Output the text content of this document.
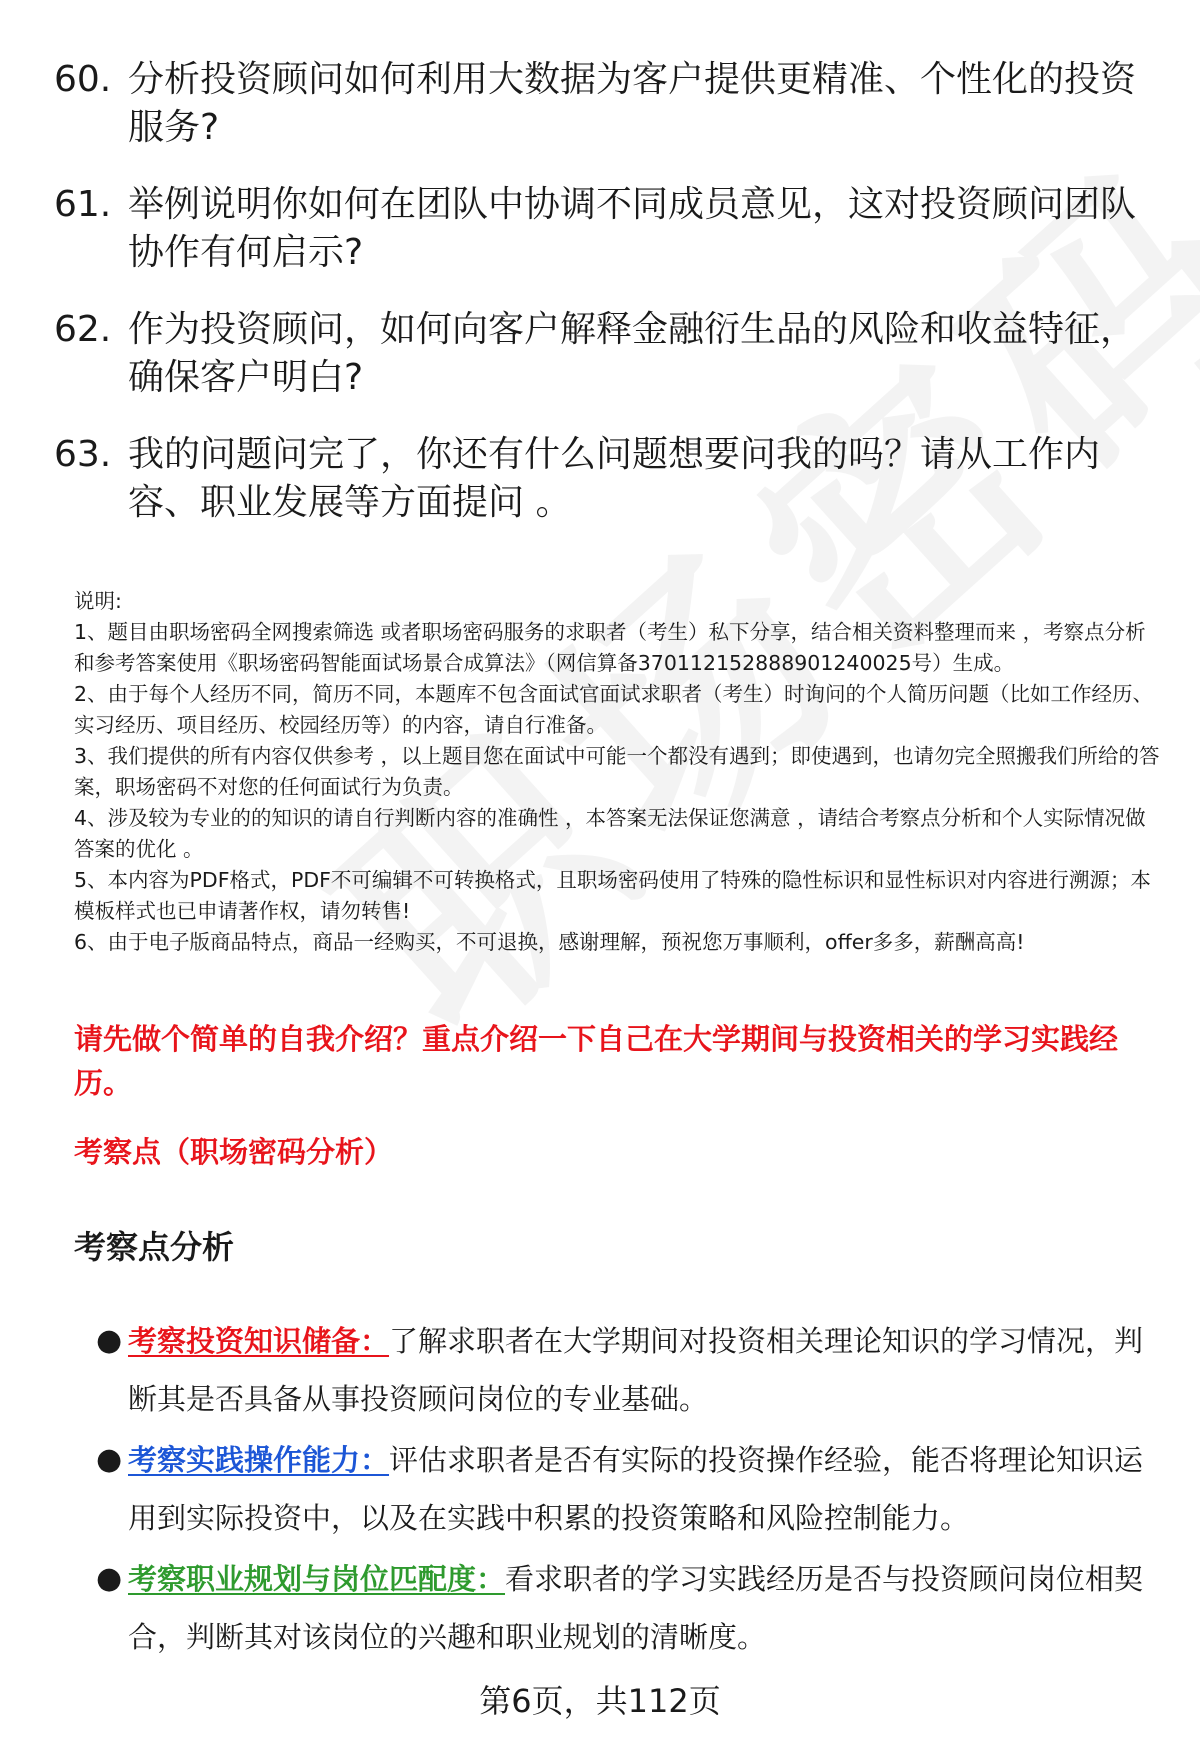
60. 分析投资顾问如何利用大数据为客户提供更精准、个性化的投资服务?
61. 举例说明你如何在团队中协调不同成员意见，这对投资顾问团队协作有何启示?
62. 作为投资顾问，如何向客户解释金融衍生品的风险和收益特征，确保客户明白?
63. 我的问题问完了，你还有什么问题想要问我的吗？请从工作内容、职业发展等方面提问 。

说明:

1、题目由职场密码全网搜索筛选 或者职场密码服务的求职者（考生）私下分享，结合相关资料整理而来 ，考察点分析和参考答案使用《职场密码智能面试场景合成算法》（网信算备370112152888901240025号）生成。

2、由于每个人经历不同，简历不同，本题库不包含面试官面试求职者（考生）时询问的个人简历问题（比如工作经历、实习经历、项目经历、校园经历等）的内容，请自行准备。

3、我们提供的所有内容仅供参考 ，以上题目您在面试中可能一个都没有遇到；即使遇到，也请勿完全照搬我们所给的答案，职场密码不对您的任何面试行为负责。

4、涉及较为专业的的知识的请自行判断内容的准确性 ，本答案无法保证您满意 ，请结合考察点分析和个人实际情况做答案的优化 。

5、本内容为PDF格式，PDF不可编辑不可转换格式，且职场密码使用了特殊的隐性标识和显性标识对内容进行溯源；本模板样式也已申请著作权，请勿转售!

6、由于电子版商品特点，商品一经购买，不可退换，感谢理解，预祝您万事顺利，offer多多，薪酬高高!

请先做个简单的自我介绍？重点介绍一下自己在大学期间与投资相关的学习实践经历。
考察点（职场密码分析）
考察点分析
● 考察投资知识储备：了解求职者在大学期间对投资相关理论知识的学习情况，判断其是否具备从事投资顾问岗位的专业基础。
● 考察实践操作能力：评估求职者是否有实际的投资操作经验，能否将理论知识运用到实际投资中，以及在实践中积累的投资策略和风险控制能力。
● 考察职业规划与岗位匹配度：看求职者的学习实践经历是否与投资顾问岗位相契合，判断其对该岗位的兴趣和职业规划的清晰度。
第6页，共112页
